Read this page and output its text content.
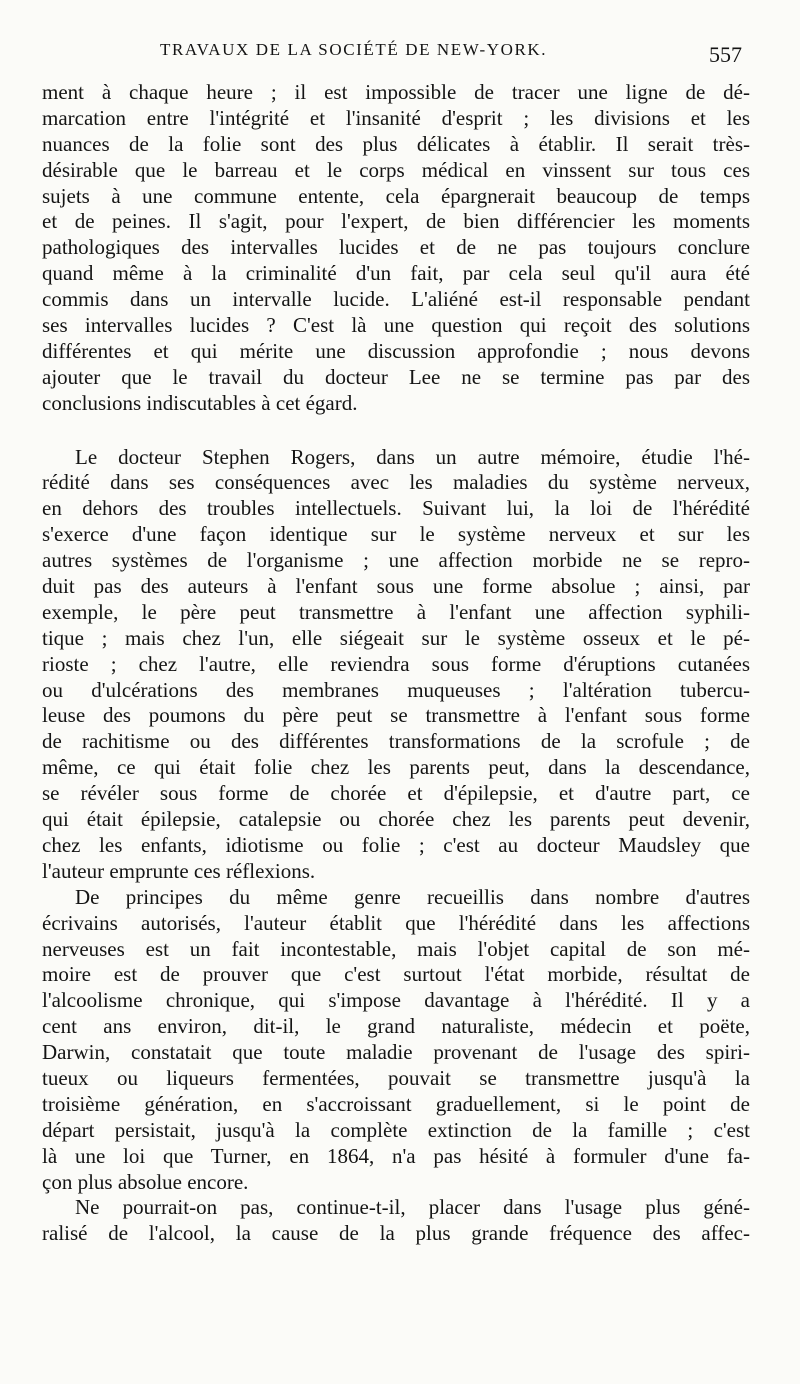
TRAVAUX DE LA SOCIÉTÉ DE NEW-YORK.	557
ment à chaque heure ; il est impossible de tracer une ligne de dé-
marcation entre l'intégrité et l'insanité d'esprit ; les divisions et les
nuances de la folie sont des plus délicates à établir. Il serait très-
désirable que le barreau et le corps médical en vinssent sur tous ces
sujets à une commune entente, cela épargnerait beaucoup de temps
et de peines. Il s'agit, pour l'expert, de bien différencier les moments
pathologiques des intervalles lucides et de ne pas toujours conclure
quand même à la criminalité d'un fait, par cela seul qu'il aura été
commis dans un intervalle lucide. L'aliéné est-il responsable pendant
ses intervalles lucides ? C'est là une question qui reçoit des solutions
différentes et qui mérite une discussion approfondie ; nous devons
ajouter que le travail du docteur Lee ne se termine pas par des
conclusions indiscutables à cet égard.
Le docteur Stephen Rogers, dans un autre mémoire, étudie l'hé-
rédité dans ses conséquences avec les maladies du système nerveux,
en dehors des troubles intellectuels. Suivant lui, la loi de l'hérédité
s'exerce d'une façon identique sur le système nerveux et sur les
autres systèmes de l'organisme ; une affection morbide ne se repro-
duit pas des auteurs à l'enfant sous une forme absolue ; ainsi, par
exemple, le père peut transmettre à l'enfant une affection syphili-
tique ; mais chez l'un, elle siégeait sur le système osseux et le pé-
rioste ; chez l'autre, elle reviendra sous forme d'éruptions cutanées
ou d'ulcérations des membranes muqueuses ; l'altération tubercu-
leuse des poumons du père peut se transmettre à l'enfant sous forme
de rachitisme ou des différentes transformations de la scrofule ; de
même, ce qui était folie chez les parents peut, dans la descendance,
se révéler sous forme de chorée et d'épilepsie, et d'autre part, ce
qui était épilepsie, catalepsie ou chorée chez les parents peut devenir,
chez les enfants, idiotisme ou folie ; c'est au docteur Maudsley que
l'auteur emprunte ces réflexions.
De principes du même genre recueillis dans nombre d'autres
écrivains autorisés, l'auteur établit que l'hérédité dans les affections
nerveuses est un fait incontestable, mais l'objet capital de son mé-
moire est de prouver que c'est surtout l'état morbide, résultat de
l'alcoolisme chronique, qui s'impose davantage à l'hérédité. Il y a
cent ans environ, dit-il, le grand naturaliste, médecin et poëte,
Darwin, constatait que toute maladie provenant de l'usage des spiri-
tueux ou liqueurs fermentées, pouvait se transmettre jusqu'à la
troisième génération, en s'accroissant graduellement, si le point de
départ persistait, jusqu'à la complète extinction de la famille ; c'est
là une loi que Turner, en 1864, n'a pas hésité à formuler d'une fa-
çon plus absolue encore.
Ne pourrait-on pas, continue-t-il, placer dans l'usage plus géné-
ralisé de l'alcool, la cause de la plus grande fréquence des affec-
